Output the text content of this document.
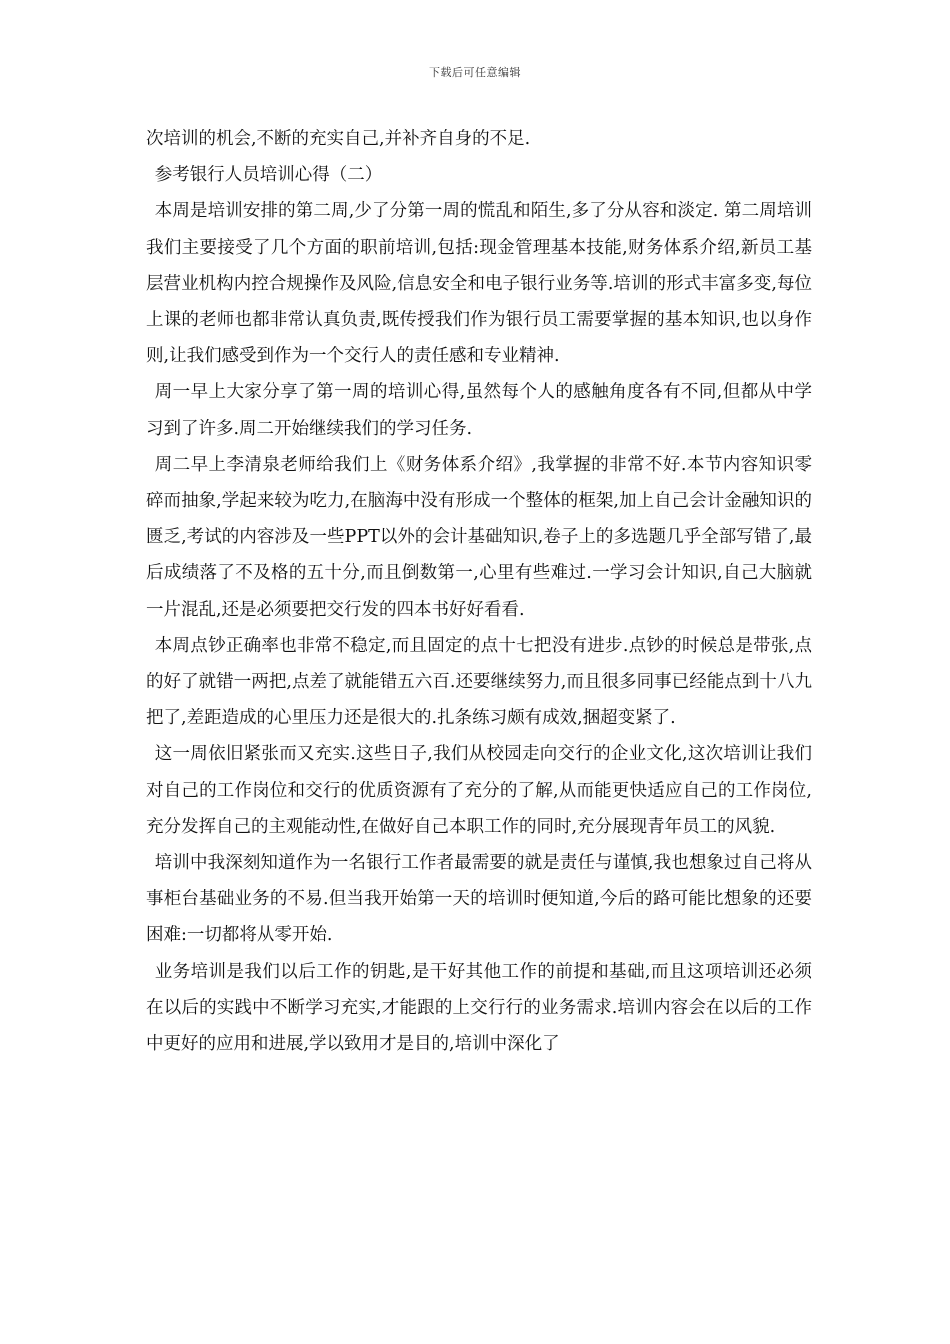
下载后可任意编辑

次培训的机会,不断的充实自己,并补齐自身的不足.

参考银行人员培训心得（二）

本周是培训安排的第二周,少了分第一周的慌乱和陌生,多了分从容和淡定. 第二周培训我们主要接受了几个方面的职前培训,包括:现金管理基本技能,财务体系介绍,新员工基层营业机构内控合规操作及风险,信息安全和电子银行业务等.培训的形式丰富多变,每位上课的老师也都非常认真负责,既传授我们作为银行员工需要掌握的基本知识,也以身作则,让我们感受到作为一个交行人的责任感和专业精神.

周一早上大家分享了第一周的培训心得,虽然每个人的感触角度各有不同,但都从中学习到了许多.周二开始继续我们的学习任务.

周二早上李清泉老师给我们上《财务体系介绍》,我掌握的非常不好.本节内容知识零碎而抽象,学起来较为吃力,在脑海中没有形成一个整体的框架,加上自己会计金融知识的匮乏,考试的内容涉及一些PPT以外的会计基础知识,卷子上的多选题几乎全部写错了,最后成绩落了不及格的五十分,而且倒数第一,心里有些难过.一学习会计知识,自己大脑就一片混乱,还是必须要把交行发的四本书好好看看.

本周点钞正确率也非常不稳定,而且固定的点十七把没有进步.点钞的时候总是带张,点的好了就错一两把,点差了就能错五六百.还要继续努力,而且很多同事已经能点到十八九把了,差距造成的心里压力还是很大的.扎条练习颇有成效,捆超变紧了.

这一周依旧紧张而又充实.这些日子,我们从校园走向交行的企业文化,这次培训让我们对自己的工作岗位和交行的优质资源有了充分的了解,从而能更快适应自己的工作岗位,充分发挥自己的主观能动性,在做好自己本职工作的同时,充分展现青年员工的风貌.

培训中我深刻知道作为一名银行工作者最需要的就是责任与谨慎,我也想象过自己将从事柜台基础业务的不易.但当我开始第一天的培训时便知道,今后的路可能比想象的还要困难:一切都将从零开始.

业务培训是我们以后工作的钥匙,是干好其他工作的前提和基础,而且这项培训还必须在以后的实践中不断学习充实,才能跟的上交行行的业务需求.培训内容会在以后的工作中更好的应用和进展,学以致用才是目的,培训中深化了
